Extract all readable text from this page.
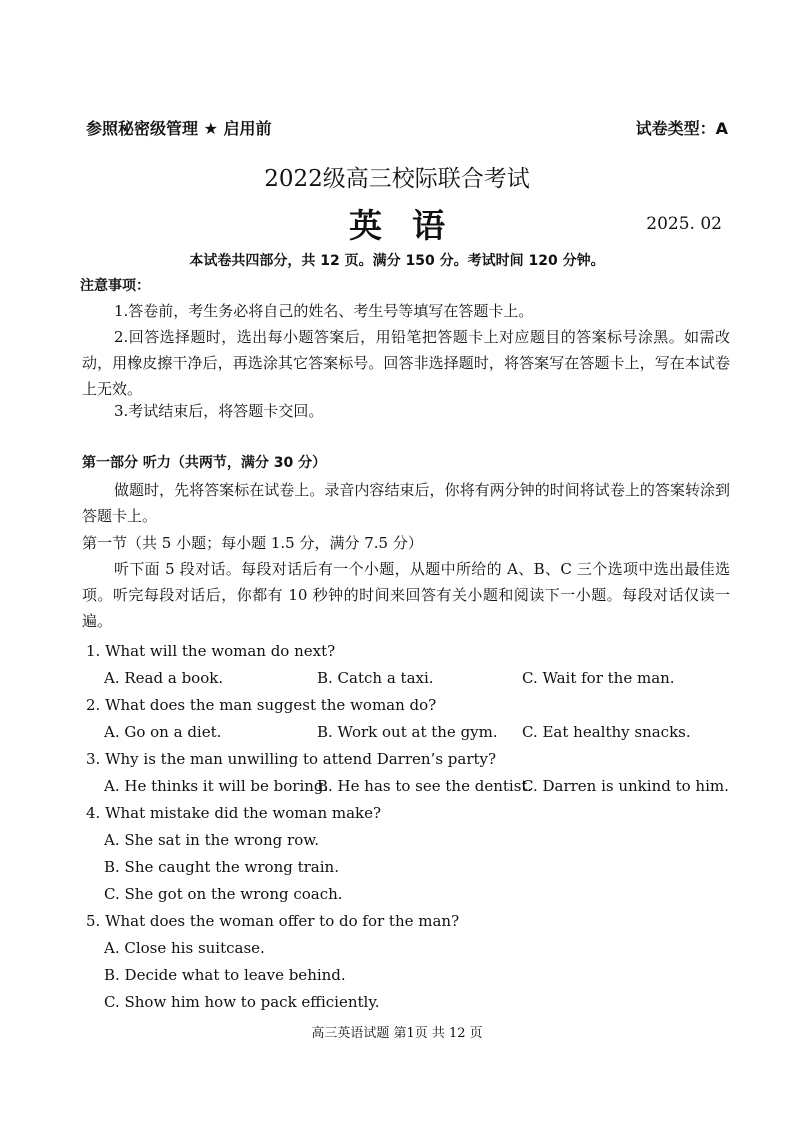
参照秘密级管理 ★ 启用前	试卷类型：A
2022级高三校际联合考试
英语	2025. 02
本试卷共四部分，共 12 页。满分 150 分。考试时间 120 分钟。
注意事项：
1.答卷前，考生务必将自己的姓名、考生号等填写在答题卡上。
2.回答选择题时，选出每小题答案后，用铅笔把答题卡上对应题目的答案标号涂黑。如需改动，用橡皮擦干净后，再选涂其它答案标号。回答非选择题时，将答案写在答题卡上，写在本试卷上无效。
3.考试结束后，将答题卡交回。
第一部分 听力（共两节，满分 30 分）
做题时，先将答案标在试卷上。录音内容结束后，你将有两分钟的时间将试卷上的答案转涂到答题卡上。
第一节（共 5 小题；每小题 1.5 分，满分 7.5 分）
听下面 5 段对话。每段对话后有一个小题，从题中所给的 A、B、C 三个选项中选出最佳选项。听完每段对话后，你都有 10 秒钟的时间来回答有关小题和阅读下一小题。每段对话仅读一遍。
1. What will the woman do next?
A. Read a book.	B. Catch a taxi.	C. Wait for the man.
2. What does the man suggest the woman do?
A. Go on a diet.	B. Work out at the gym. C. Eat healthy snacks.
3. Why is the man unwilling to attend Darren’s party?
A. He thinks it will be boring.
B. He has to see the dentist.
C. Darren is unkind to him.
4. What mistake did the woman make?
A. She sat in the wrong row.
B. She caught the wrong train.
C. She got on the wrong coach.
5. What does the woman offer to do for the man?
A. Close his suitcase.
B. Decide what to leave behind.
C. Show him how to pack efficiently.
高三英语试题 第1页 共 12 页
